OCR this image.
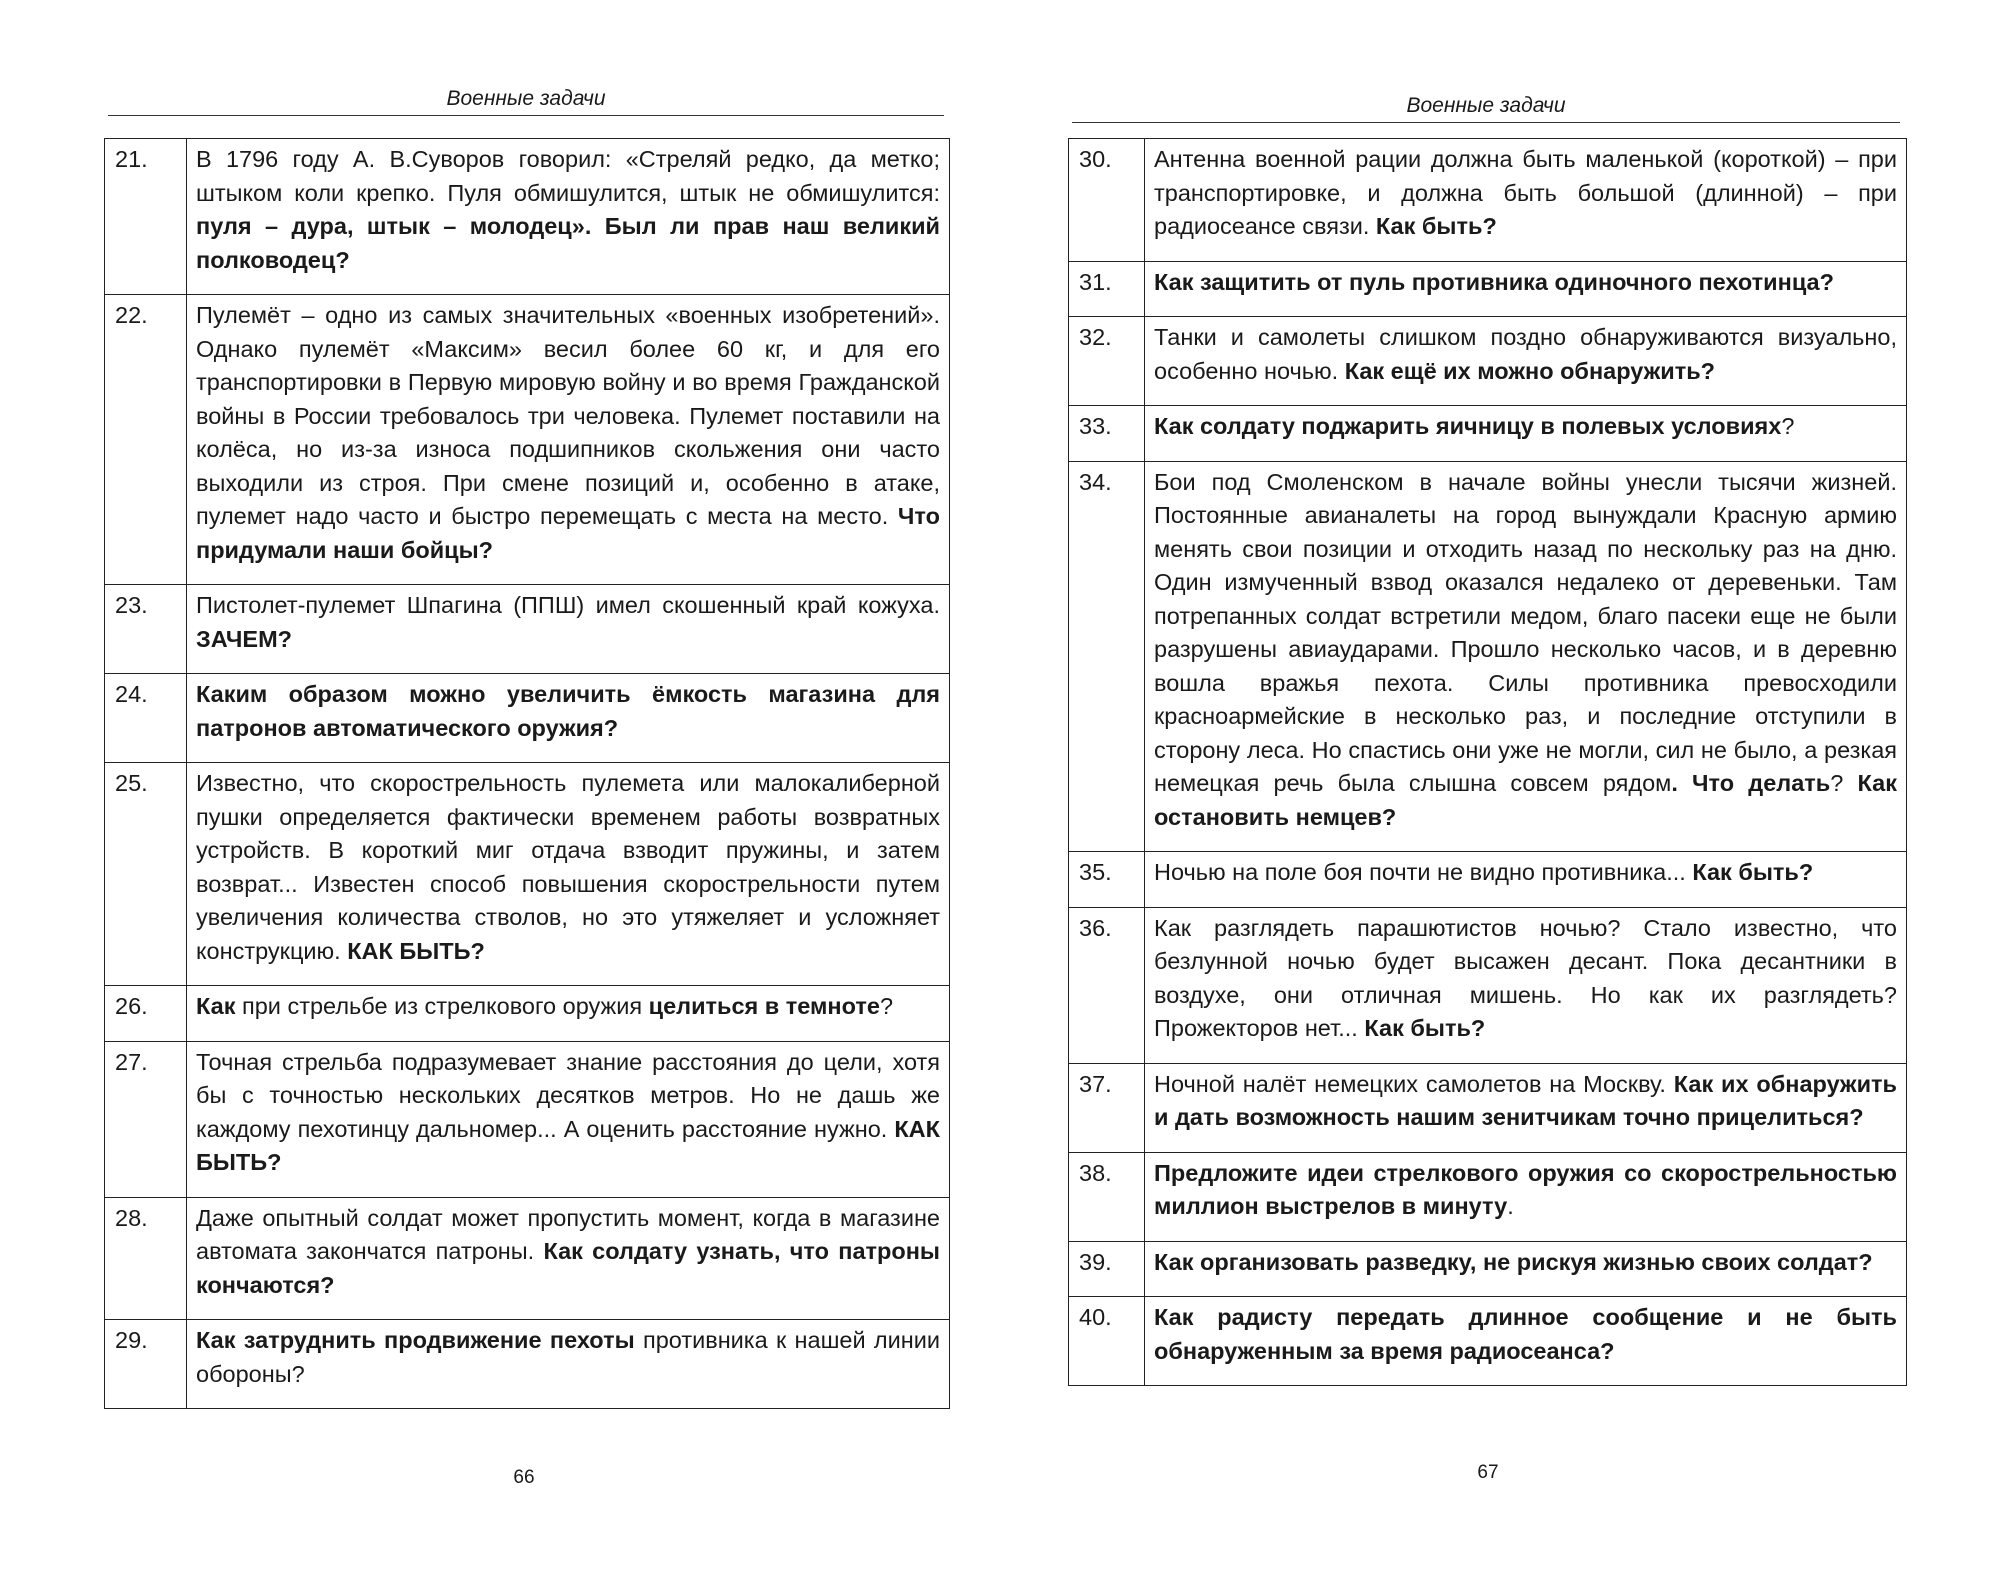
Военные задачи
21.	В 1796 году А. В.Суворов говорил: «Стреляй редко, да метко; штыком коли крепко. Пуля обмишулится, штык не обмишулится: пуля – дура, штык – молодец». Был ли прав наш великий полководец?
22.	Пулемёт – одно из самых значительных «военных изобретений». Однако пулемёт «Максим» весил более 60 кг, и для его транспортировки в Первую мировую войну и во время Гражданской войны в России требовалось три человека. Пулемет поставили на колёса, но из-за износа подшипников скольжения они часто выходили из строя. При смене позиций и, особенно в атаке, пулемет надо часто и быстро перемещать с места на место. Что придумали наши бойцы?
23.	Пистолет-пулемет Шпагина (ППШ) имел скошенный край кожуха. ЗАЧЕМ?
24.	Каким образом можно увеличить ёмкость магазина для патронов автоматического оружия?
25.	Известно, что скорострельность пулемета или малокалиберной пушки определяется фактически временем работы возвратных устройств. В короткий миг отдача взводит пружины, и затем возврат... Известен способ повышения скорострельности путем увеличения количества стволов, но это утяжеляет и усложняет конструкцию. КАК БЫТЬ?
26.	Как при стрельбе из стрелкового оружия целиться в темноте?
27.	Точная стрельба подразумевает знание расстояния до цели, хотя бы с точностью нескольких десятков метров. Но не дашь же каждому пехотинцу дальномер... А оценить расстояние нужно. КАК БЫТЬ?
28.	Даже опытный солдат может пропустить момент, когда в магазине автомата закончатся патроны. Как солдату узнать, что патроны кончаются?
29.	Как затруднить продвижение пехоты противника к нашей линии обороны?
66
Военные задачи
30.	Антенна военной рации должна быть маленькой (короткой) – при транспортировке, и должна быть большой (длинной) – при радиосеансе связи. Как быть?
31.	Как защитить от пуль противника одиночного пехотинца?
32.	Танки и самолеты слишком поздно обнаруживаются визуально, особенно ночью. Как ещё их можно обнаружить?
33.	Как солдату поджарить яичницу в полевых условиях?
34.	Бои под Смоленском в начале войны унесли тысячи жизней. Постоянные авианалеты на город вынуждали Красную армию менять свои позиции и отходить назад по нескольку раз на дню. Один измученный взвод оказался недалеко от деревеньки. Там потрепанных солдат встретили медом, благо пасеки еще не были разрушены авиаударами. Прошло несколько часов, и в деревню вошла вражья пехота. Силы противника превосходили красноармейские в несколько раз, и последние отступили в сторону леса. Но спастись они уже не могли, сил не было, а резкая немецкая речь была слышна совсем рядом. Что делать? Как остановить немцев?
35.	Ночью на поле боя почти не видно противника... Как быть?
36.	Как разглядеть парашютистов ночью? Стало известно, что безлунной ночью будет высажен десант. Пока десантники в воздухе, они отличная мишень. Но как их разглядеть? Прожекторов нет... Как быть?
37.	Ночной налёт немецких самолетов на Москву. Как их обнаружить и дать возможность нашим зенитчикам точно прицелиться?
38.	Предложите идеи стрелкового оружия со скорострельностью миллион выстрелов в минуту.
39.	Как организовать разведку, не рискуя жизнью своих солдат?
40.	Как радисту передать длинное сообщение и не быть обнаруженным за время радиосеанса?
67
